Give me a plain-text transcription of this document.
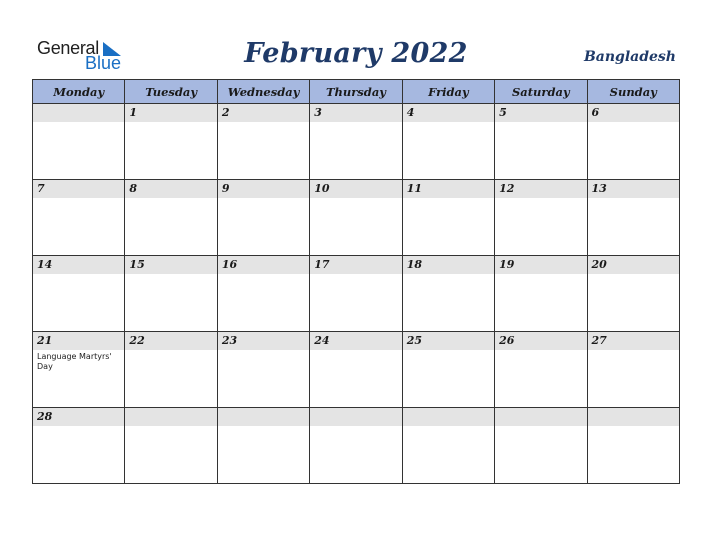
General
Blue	February 2022	Bangladesh
Monday	Tuesday	Wednesday	Thursday	Friday	Saturday	Sunday

	1	2	3	4	5	6

7	8	9	10	11	12	13

14	15	16	17	18	19	20

21
Language Martyrs' Day	22	23	24	25	26	27

28						
